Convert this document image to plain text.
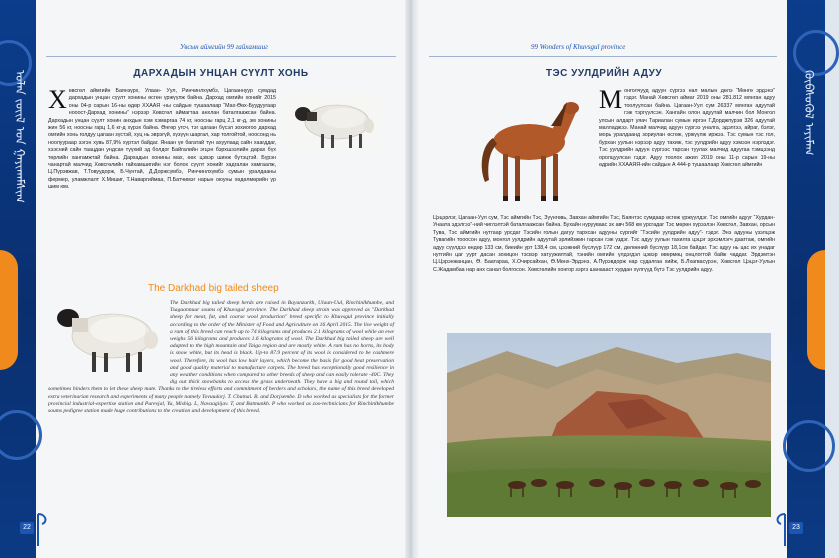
ᠣᠯᠠᠨ ᠵᠦᠢᠯ ᠤᠨ ᠭᠠᠶᠢᠬᠠᠮᠰᠢᠭ	ᠬᠥᠪᠰᠦᠭᠦᠯ ᠠᠶᠢᠮᠠᠭ
Увсын аймгийн 99 гайхамшиг
ДАРХАДЫН УНЦАН СҮҮЛТ ХОНЬ
Х өвсгөл аймгийн Баянзүрх, Улаан- Уул, Ринчинлхүмбэ, Цагааннуур сумдад дархадын унцан сүүлт хонины өсгөн үржүүлж байна. Дархад омгийн хонийг 2015 оны 04-р сарын 16-ны өдөр ХХААЯ -ны сайдын тушаалаар “Мах-Өөх-Буудуугаар нооост-Дархад хонины” нэрээр Хөвсгөл аймагтаа анхлан баталгаажсан байна. Дархадын унцан сүүлт хонин анхдын хэм хэмаргаа 74 кг, ноосны гарц 2,1 кг-д, эм хонины жин 56 кг, ноосны гарц 1,6 кг-д хүрэх байна. Өнгөр угсч, тэг цагаан бүсэл зохиогоо дархад омгийн хонь голдуу цагаан зүстэй, хуц нь эврэгүй, хүзүүн шаргал, хар толгойтой, ноосонд нь ноолуураар зэгэн хувь 87,9% хүртэл байдаг. Янаан үе багатай түн ахуулаад сайн хаагддаг, хээсний сайн таацдан ундсан түүхий эд болдог Байгалийн эгцэн бэрхшээлийн дарах бүх төрлийн хангамжтай байна. Дархадын хонины мах, өөх цэвэр шинж бүтэцтэй. Бүрэн чанартай малчид Хөвсгөлийн гайхамшигийн нэг болох сүүлт хонийг хадгалан хамгаалж, Ц.Пүрэвжав, Т.Товуудорж, Б.Чүнтай, Д.Доржсүмбэ, Ринчинлхүмбэ сумын уралдааны фермер, уламжлалт Х.Мишиг, Т.Наваргиймаа, П.Батчимэг нарын оюуны хөдөлмөрийн үр шим юм.
The Darkhad big tailed sheep
The Darkhad big tailed sheep herds are raised in Bayanzurkh, Ulaan-Uul, Rinchinlkhumbe, and Tsagaannuur soums of Khuvsgul province. The Darkhad sheep strain was approved as "Darkhad sheep for meat, fat, and coarse wool production" breed specific to Khuvsgul province initially according to the order of the Minister of Food and Agriculture on 16 April 2015. The live weight of a ram of this breed can reach up to 74 kilograms and produces 2.1 kilograms of wool while an ewe weighs 56 kilograms and produces 1.6 kilograms of wool. The Darkhad big tailed sheep are well adapted to the high mountain and Taiga region and are mostly white. A ram has no horns, its body is snow white, but its head is black. Up-to 87.9 percent of its wool is considered to be cashmere wool. Therefore, its wool has low hair layers, which become the basis for good heat preservation and good quality material to manufacture carpets. The breed has exceptionally good resilience in any weather conditions when compared to other breeds of sheep and can easily tolerate -40C. They dig out thick snowbanks to access the grass underneath. They have a big and round tail, which sometimes hinders them to let these sheep mate. Thanks to the tireless efforts and commitment of herders and scholars, the name of this breed developed extra veterinarian research and experiments of many people namely Tovuudorj. T. Chutnai. B. and Dorjsembe. D who worked as specialists for the former provincial industrial-expertise station and Purevjal, Ya, Mishig. L, Navaagiijav. T, and Batmunkh. P who worked as zoo-technicians for Rinchinlkhumbe soums pedigree station made huge contributions to the creation and development of this breed.
22
99 Wonders of Khuvsgul province
ТЭС УУЛДРИЙН АДУУ
М онголчууд адуун сүргээ нал малын дөлэ “Мөнгө эрдэнэ” гэдэг. Манай Хөвсгөл аймаг 2019 оны 281.812 мянган адуу тоолуулсан байна. Цагаан-Уул сум 26337 мянган адуутай гэж тэргүүлсэн. Хангайн олон адуутай малчин бол Монгол улсын алдарт уяач Тариалан сумын иргэн Г.Дорджпурэв 326 адуутай малладжээ. Манай малчид адуун сүргээ уналга, эдэлгээ, айраг, бэлэг, морь уралдаанд зориулан өсгөж, үржүүлж иржээ. Тэс сумын тэс гол, бурхан уулын нэрээр адуу тахиж, тэс уулдрийн адуу хэмээн нэрлэдэг. Тэс уулдрийн адуун сүргээс тарсан туулах малчид адуугаа тэмцээнд оролцуулсан гэдэг. Адуу тоолох ажил 2019 оны 11-р сарын 19-ны өдрийн ХХААЯЯ-ийн сайдын А 444-р тушаалаар Хөвсгөл аймгийн
Цэцэрлэг, Цагаан-Уул сум, Тэс аймгийн Тэс, Зүүнгөвь, Завхан аймгийн Тэс, Баянтэс сумдаар өсгөж үржүүлдэг. Тэс омгийн адууг “Хурдан-Унаата эдэлгээ”-ний чиглэлтэй баталгаажсан байна. Бухайн нурууваас эх авч 568 км урсгадаг Тэс мөрөн хүрээлэн Хөвсгөл, Завхан, орсын Тува, Тэс аймгийн нутгаар урсдаг Тэсийн голын дагуу тархсан адууны сүргийг “Тэсийн уулдрийн адуу”- гэдэг. Энэ адууны үзэлцэж Тувагийн тооосон адуу, монгол уулдрийн адуутай эрлийзжин гарсан гэж үздэг. Тэс адуу уулын тахилга цэцэг эрхэмлэгч даатгаж, омгийн адуу сүүлдээ өндөр 133 см, биеийн урт 138,4 см, цээжний бүслүүр 172 см, дөлөөний бүслүүр 18,1см байдаг. Тэс адуу нь цас их унадаг нутгийн цаг уурт дасан зохицон тэсвэр хатуужилтай, тэнийн омгийн үлдэгдэл цэвэр өвөрмөц онцлогтой байж чаддаг. Эрдэмтэн Ц.Цэрэнжанцан, Ө. Баатараа, Х.Очирсайхан, Ө.Мөнх-Эрдэнэ, А.Пүрэвдорж нар судалгаа хийж, Б.Лхагвасүрэн, Хөвсгөл Цэцэг-Уулын С.Жадамбаа нар анх санал болгосон. Хөвсгөлийн хонгор зэргэ шанаааст хурдан хүлгүүд бүтэ Тэс уулдрийн адуу.
23
